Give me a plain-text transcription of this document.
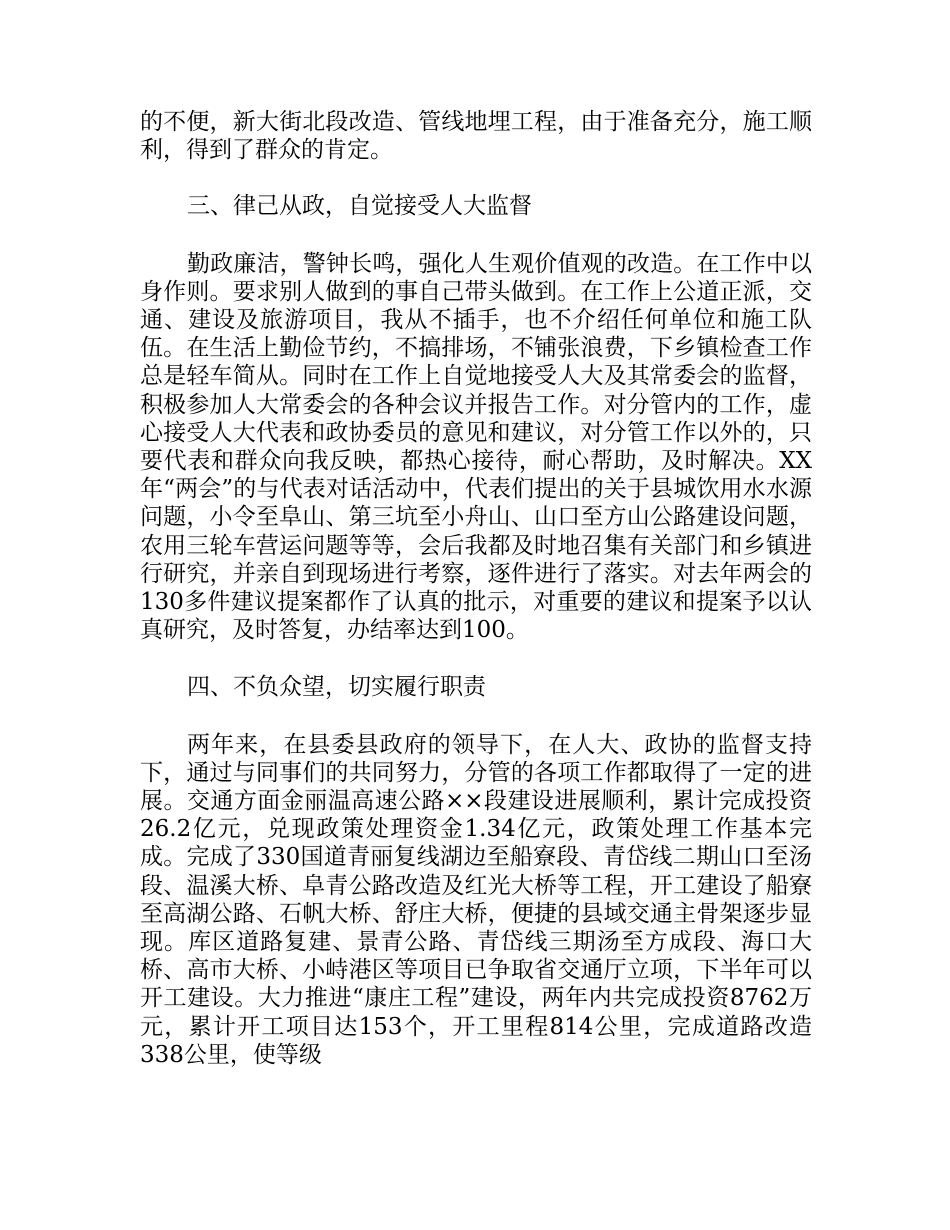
的不便，新大街北段改造、管线地埋工程，由于准备充分，施工顺利，得到了群众的肯定。

三、律己从政，自觉接受人大监督

勤政廉洁，警钟长鸣，强化人生观价值观的改造。在工作中以身作则。要求别人做到的事自己带头做到。在工作上公道正派，交通、建设及旅游项目，我从不插手，也不介绍任何单位和施工队伍。在生活上勤俭节约，不搞排场，不铺张浪费，下乡镇检查工作总是轻车简从。同时在工作上自觉地接受人大及其常委会的监督，积极参加人大常委会的各种会议并报告工作。对分管内的工作，虚心接受人大代表和政协委员的意见和建议，对分管工作以外的，只要代表和群众向我反映，都热心接待，耐心帮助，及时解决。XX年“两会”的与代表对话活动中，代表们提出的关于县城饮用水水源问题，小令至阜山、第三坑至小舟山、山口至方山公路建设问题，农用三轮车营运问题等等，会后我都及时地召集有关部门和乡镇进行研究，并亲自到现场进行考察，逐件进行了落实。对去年两会的130多件建议提案都作了认真的批示，对重要的建议和提案予以认真研究，及时答复，办结率达到100。

四、不负众望，切实履行职责

两年来，在县委县政府的领导下，在人大、政协的监督支持下，通过与同事们的共同努力，分管的各项工作都取得了一定的进展。交通方面金丽温高速公路××段建设进展顺利，累计完成投资26.2亿元，兑现政策处理资金1.34亿元，政策处理工作基本完成。完成了330国道青丽复线湖边至船寮段、青岱线二期山口至汤段、温溪大桥、阜青公路改造及红光大桥等工程，开工建设了船寮至高湖公路、石帆大桥、舒庄大桥，便捷的县域交通主骨架逐步显现。库区道路复建、景青公路、青岱线三期汤至方成段、海口大桥、高市大桥、小峙港区等项目已争取省交通厅立项，下半年可以开工建设。大力推进“康庄工程”建设，两年内共完成投资8762万元，累计开工项目达153个，开工里程814公里，完成道路改造338公里，使等级
